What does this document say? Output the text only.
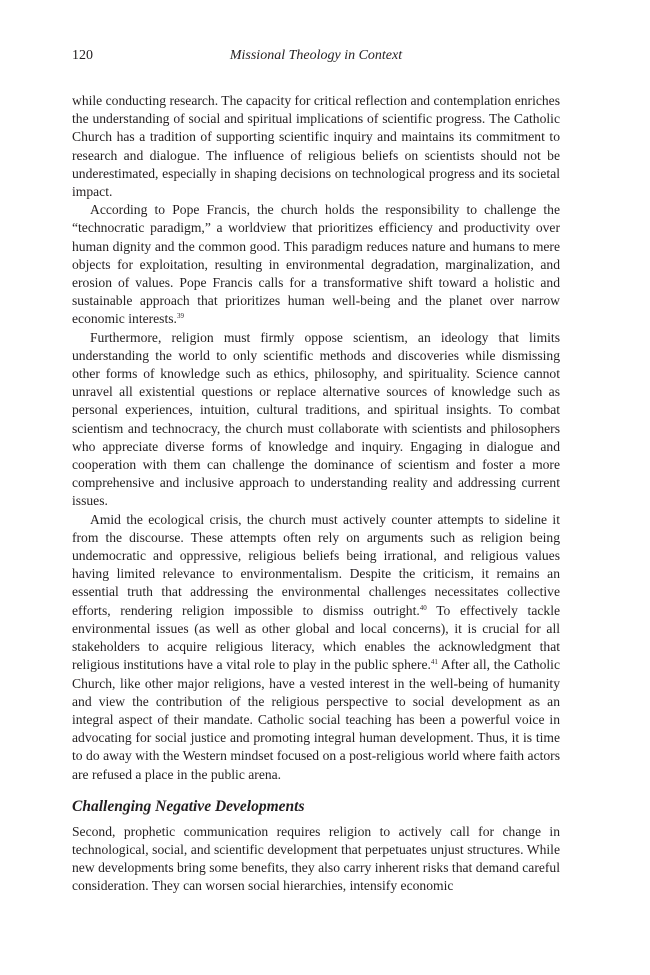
120	Missional Theology in Context

while conducting research. The capacity for critical reflection and contemplation enriches the understanding of social and spiritual implications of scientific progress. The Catholic Church has a tradition of supporting scientific inquiry and maintains its commitment to research and dialogue. The influence of religious beliefs on scientists should not be underestimated, especially in shaping decisions on technological progress and its societal impact.

According to Pope Francis, the church holds the responsibility to challenge the “technocratic paradigm,” a worldview that prioritizes efficiency and productivity over human dignity and the common good. This paradigm reduces nature and humans to mere objects for exploitation, resulting in environmental degradation, marginalization, and erosion of values. Pope Francis calls for a transformative shift toward a holistic and sustainable approach that prioritizes human well-being and the planet over narrow economic interests.$^{39}$

Furthermore, religion must firmly oppose scientism, an ideology that limits understanding the world to only scientific methods and discoveries while dismissing other forms of knowledge such as ethics, philosophy, and spirituality. Science cannot unravel all existential questions or replace alternative sources of knowledge such as personal experiences, intuition, cultural traditions, and spiritual insights. To combat scientism and technocracy, the church must collaborate with scientists and philosophers who appreciate diverse forms of knowledge and inquiry. Engaging in dialogue and cooperation with them can challenge the dominance of scientism and foster a more comprehensive and inclusive approach to understanding reality and addressing current issues.

Amid the ecological crisis, the church must actively counter attempts to sideline it from the discourse. These attempts often rely on arguments such as religion being undemocratic and oppressive, religious beliefs being irrational, and religious values having limited relevance to environmentalism. Despite the criticism, it remains an essential truth that addressing the environmental challenges necessitates collective efforts, rendering religion impossible to dismiss outright.$^{40}$ To effectively tackle environmental issues (as well as other global and local concerns), it is crucial for all stakeholders to acquire religious literacy, which enables the acknowledgment that religious institutions have a vital role to play in the public sphere.$^{41}$ After all, the Catholic Church, like other major religions, have a vested interest in the well-being of humanity and view the contribution of the religious perspective to social development as an integral aspect of their mandate. Catholic social teaching has been a powerful voice in advocating for social justice and promoting integral human development. Thus, it is time to do away with the Western mindset focused on a post-religious world where faith actors are refused a place in the public arena.

Challenging Negative Developments

Second, prophetic communication requires religion to actively call for change in technological, social, and scientific development that perpetuates unjust structures. While new developments bring some benefits, they also carry inherent risks that demand careful consideration. They can worsen social hierarchies, intensify economic
